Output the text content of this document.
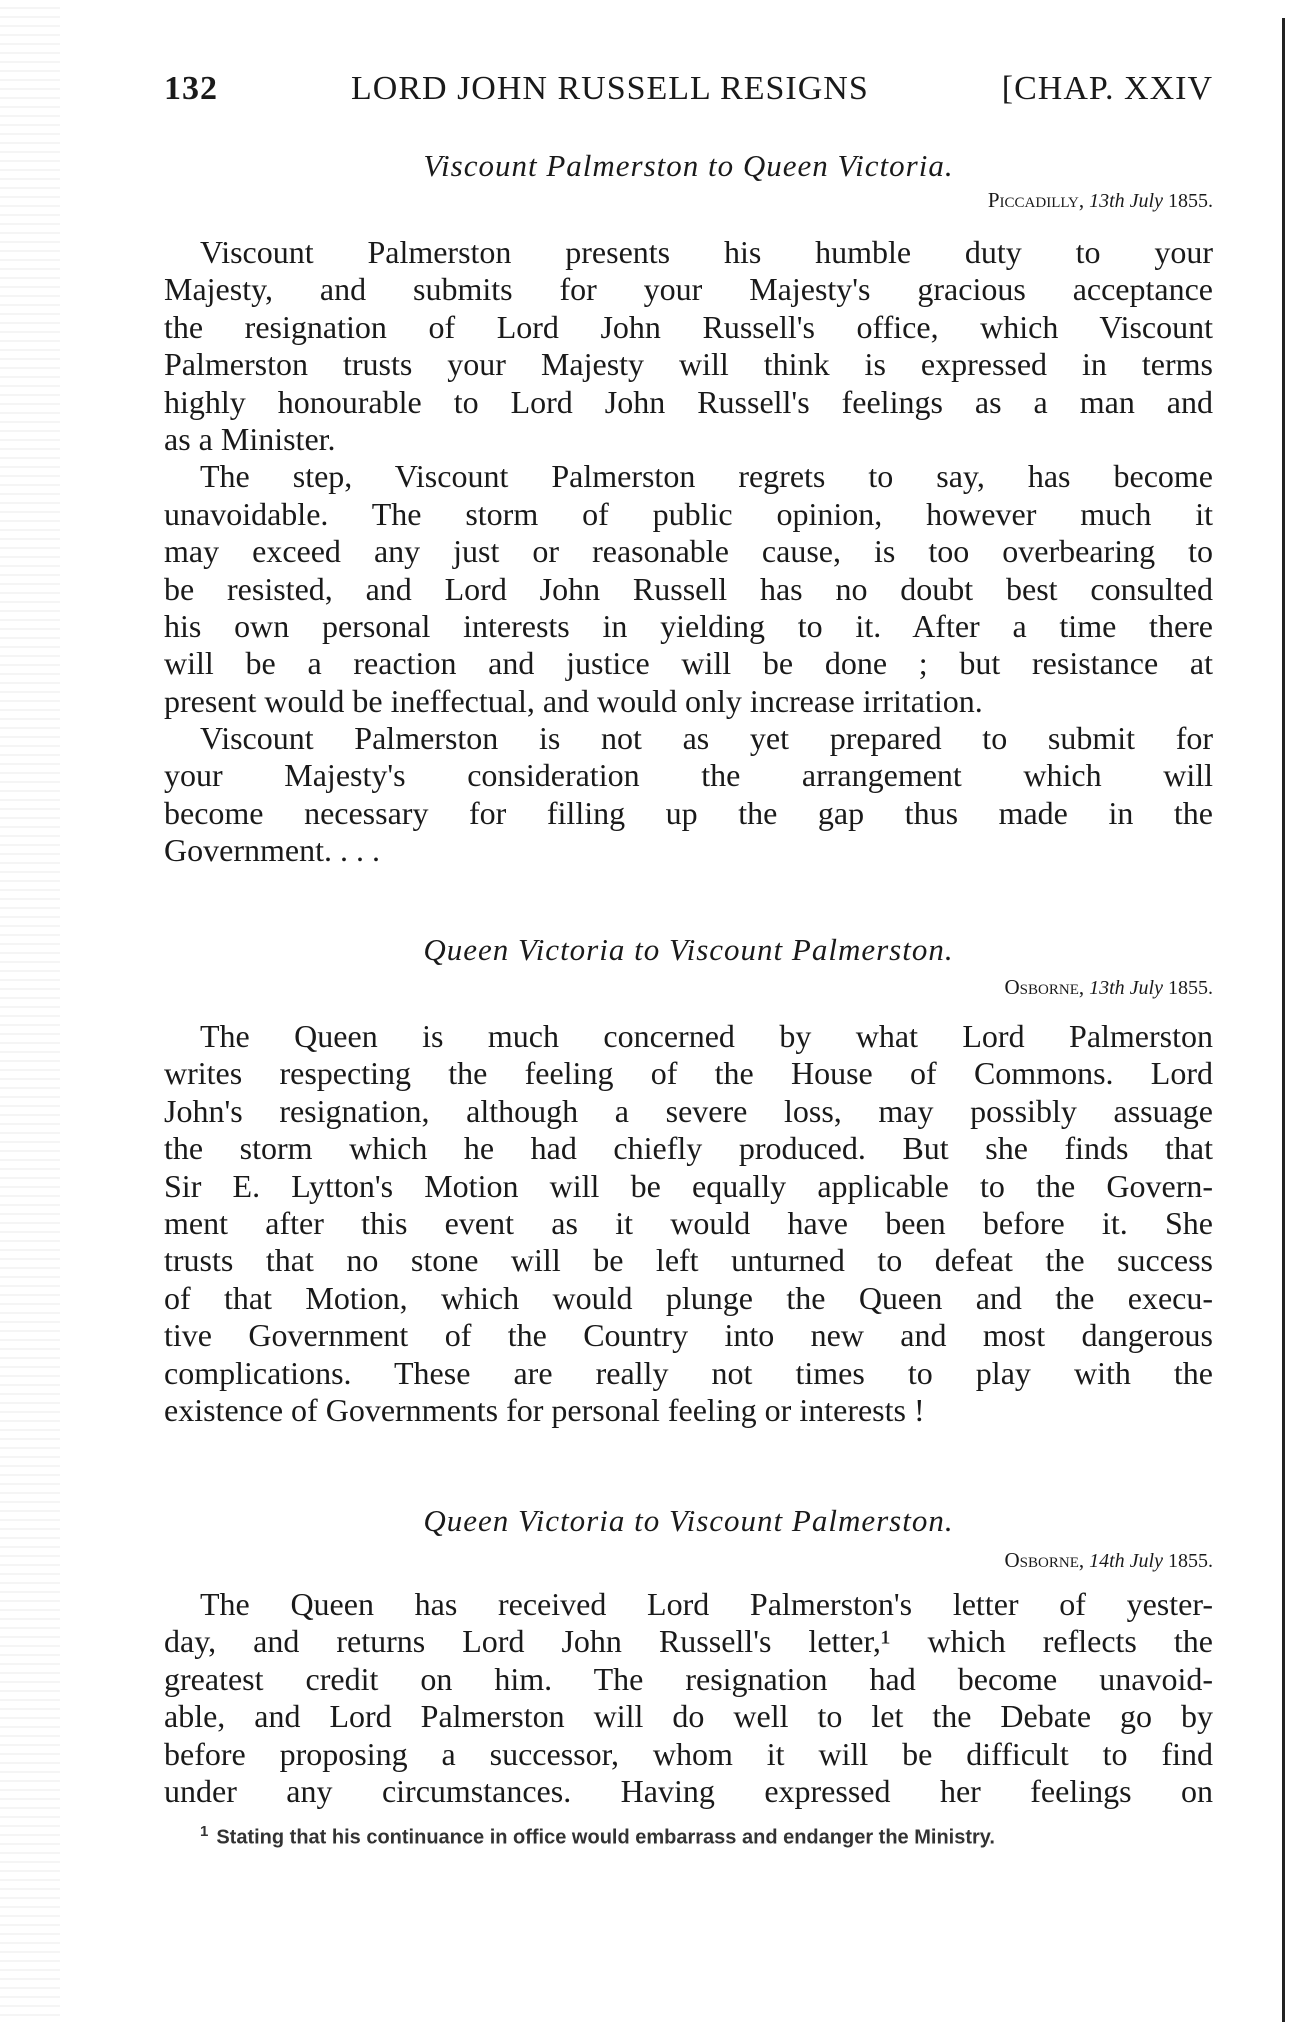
132	LORD JOHN RUSSELL RESIGNS	[CHAP. XXIV
Viscount Palmerston to Queen Victoria.
Piccadilly, 13th July 1855.
Viscount Palmerston presents his humble duty to your
Majesty, and submits for your Majesty's gracious acceptance
the resignation of Lord John Russell's office, which Viscount
Palmerston trusts your Majesty will think is expressed in terms
highly honourable to Lord John Russell's feelings as a man and
as a Minister.
The step, Viscount Palmerston regrets to say, has become
unavoidable. The storm of public opinion, however much it
may exceed any just or reasonable cause, is too overbearing to
be resisted, and Lord John Russell has no doubt best consulted
his own personal interests in yielding to it. After a time there
will be a reaction and justice will be done ; but resistance at
present would be ineffectual, and would only increase irritation.
Viscount Palmerston is not as yet prepared to submit for
your Majesty's consideration the arrangement which will
become necessary for filling up the gap thus made in the
Government. . . .
Queen Victoria to Viscount Palmerston.
Osborne, 13th July 1855.
The Queen is much concerned by what Lord Palmerston
writes respecting the feeling of the House of Commons. Lord
John's resignation, although a severe loss, may possibly assuage
the storm which he had chiefly produced. But she finds that
Sir E. Lytton's Motion will be equally applicable to the Govern-
ment after this event as it would have been before it. She
trusts that no stone will be left unturned to defeat the success
of that Motion, which would plunge the Queen and the execu-
tive Government of the Country into new and most dangerous
complications. These are really not times to play with the
existence of Governments for personal feeling or interests !
Queen Victoria to Viscount Palmerston.
Osborne, 14th July 1855.
The Queen has received Lord Palmerston's letter of yester-
day, and returns Lord John Russell's letter,¹ which reflects the
greatest credit on him. The resignation had become unavoid-
able, and Lord Palmerston will do well to let the Debate go by
before proposing a successor, whom it will be difficult to find
under any circumstances. Having expressed her feelings on
$^1$ Stating that his continuance in office would embarrass and endanger the Ministry.
